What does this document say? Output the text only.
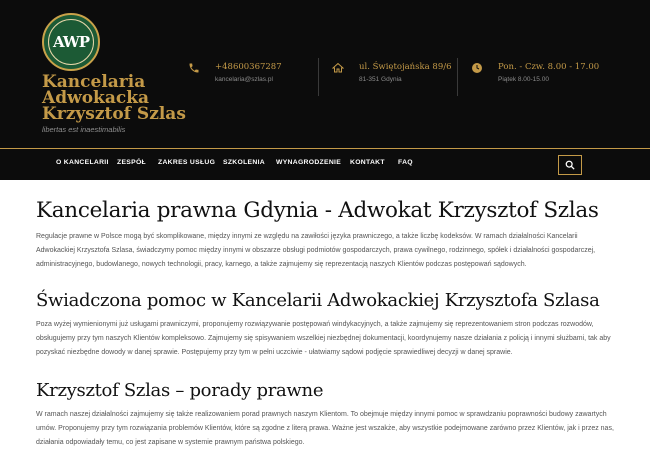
AWP
Kancelaria
Adwokacka
Krzysztof Szlas
libertas est inaestimabilis
+48600367287
kancelaria@szlas.pl
ul. Świętojańska 89/6
81-351 Gdynia
Pon. - Czw. 8.00 - 17.00
Piątek 8.00-15.00
O KANCELARII ZESPÓŁ ZAKRES USŁUG SZKOLENIA WYNAGRODZENIE KONTAKT FAQ
Kancelaria prawna Gdynia - Adwokat Krzysztof Szlas

Regulacje prawne w Polsce mogą być skomplikowane, między innymi ze względu na zawiłości języka prawniczego, a także liczbę kodeksów. W ramach działalności Kancelarii Adwokackiej Krzysztofa Szlasa, świadczymy pomoc między innymi w obszarze obsługi podmiotów gospodarczych, prawa cywilnego, rodzinnego, spółek i działalności gospodarczej, administracyjnego, budowlanego, nowych technologii, pracy, karnego, a także zajmujemy się reprezentacją naszych Klientów podczas postępowań sądowych.

Świadczona pomoc w Kancelarii Adwokackiej Krzysztofa Szlasa

Poza wyżej wymienionymi już usługami prawniczymi, proponujemy rozwiązywanie postępowań windykacyjnych, a także zajmujemy się reprezentowaniem stron podczas rozwodów, obsługujemy przy tym naszych Klientów kompleksowo. Zajmujemy się spisywaniem wszelkiej niezbędnej dokumentacji, koordynujemy nasze działania z policją i innymi służbami, tak aby pozyskać niezbędne dowody w danej sprawie. Postępujemy przy tym w pełni uczciwie - ułatwiamy sądowi podjęcie sprawiedliwej decyzji w danej sprawie.

Krzysztof Szlas – porady prawne

W ramach naszej działalności zajmujemy się także realizowaniem porad prawnych naszym Klientom. To obejmuje między innymi pomoc w sprawdzaniu poprawności budowy zawartych umów. Proponujemy przy tym rozwiązania problemów Klientów, które są zgodne z literą prawa. Ważne jest wszakże, aby wszystkie podejmowane zarówno przez Klientów, jak i przez nas, działania odpowiadały temu, co jest zapisane w systemie prawnym państwa polskiego.
